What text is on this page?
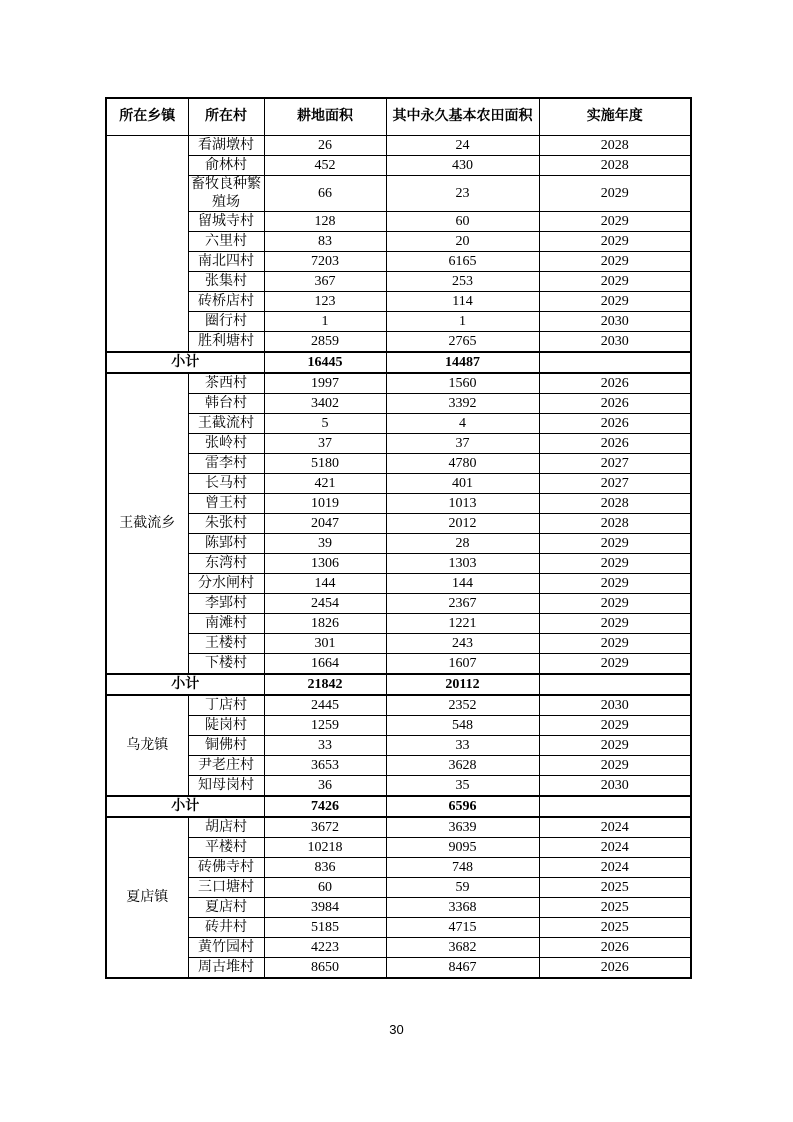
所在乡镇	所在村	耕地面积	其中永久基本农田面积	实施年度
	看湖墩村	26	24	2028
	俞林村	452	430	2028
	畜牧良种繁殖场	66	23	2029
	留城寺村	128	60	2029
	六里村	83	20	2029
	南北四村	7203	6165	2029
	张集村	367	253	2029
	砖桥店村	123	114	2029
	圈行村	1	1	2030
	胜利塘村	2859	2765	2030
小计		16445	14487	
王截流乡	茶西村	1997	1560	2026
	韩台村	3402	3392	2026
	王截流村	5	4	2026
	张岭村	37	37	2026
	雷李村	5180	4780	2027
	长马村	421	401	2027
	曾王村	1019	1013	2028
	朱张村	2047	2012	2028
	陈郢村	39	28	2029
	东湾村	1306	1303	2029
	分水闸村	144	144	2029
	李郢村	2454	2367	2029
	南滩村	1826	1221	2029
	王楼村	301	243	2029
	下楼村	1664	1607	2029
小计		21842	20112	
乌龙镇	丁店村	2445	2352	2030
	陡岗村	1259	548	2029
	铜佛村	33	33	2029
	尹老庄村	3653	3628	2029
	知母岗村	36	35	2030
小计		7426	6596	
夏店镇	胡店村	3672	3639	2024
	平楼村	10218	9095	2024
	砖佛寺村	836	748	2024
	三口塘村	60	59	2025
	夏店村	3984	3368	2025
	砖井村	5185	4715	2025
	黄竹园村	4223	3682	2026
	周古堆村	8650	8467	2026
30
